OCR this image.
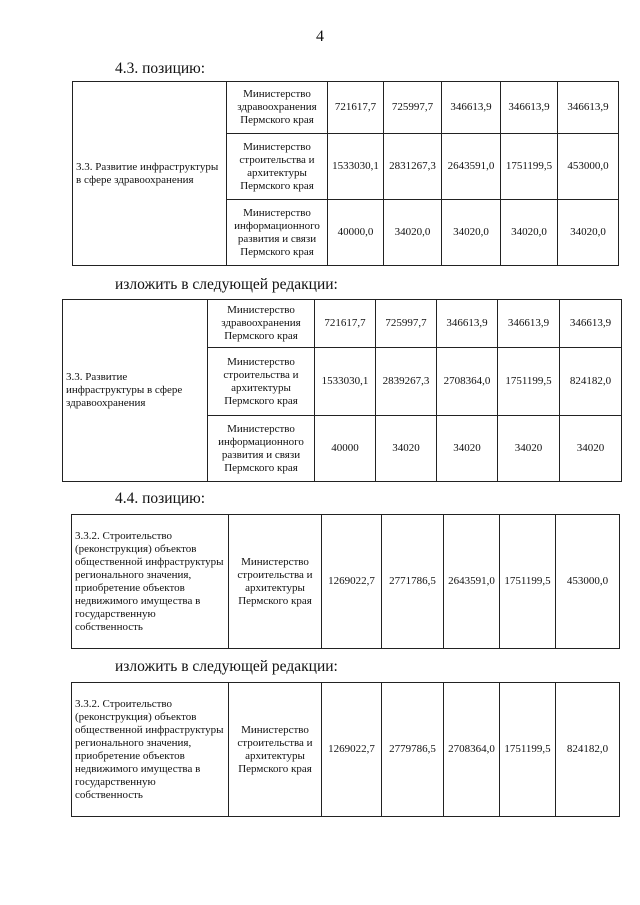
4
4.3. позицию:
3.3. Развитие инфраструктуры в сфере здравоохранения	Министерство здравоохранения Пермского края	721617,7	725997,7	346613,9	346613,9	346613,9
	Министерство строительства и архитектуры Пермского края	1533030,1	2831267,3	2643591,0	1751199,5	453000,0
	Министерство информационного развития и связи Пермского края	40000,0	34020,0	34020,0	34020,0	34020,0
изложить в следующей редакции:
3.3. Развитие инфраструктуры в сфере здравоохранения	Министерство здравоохранения Пермского края	721617,7	725997,7	346613,9	346613,9	346613,9
	Министерство строительства и архитектуры Пермского края	1533030,1	2839267,3	2708364,0	1751199,5	824182,0
	Министерство информационного развития и связи Пермского края	40000	34020	34020	34020	34020
4.4. позицию:
3.3.2. Строительство (реконструкция) объектов общественной инфраструктуры регионального значения, приобретение объектов недвижимого имущества в государственную собственность	Министерство строительства и архитектуры Пермского края	1269022,7	2771786,5	2643591,0	1751199,5	453000,0
изложить в следующей редакции:
3.3.2. Строительство (реконструкция) объектов общественной инфраструктуры регионального значения, приобретение объектов недвижимого имущества в государственную собственность	Министерство строительства и архитектуры Пермского края	1269022,7	2779786,5	2708364,0	1751199,5	824182,0
